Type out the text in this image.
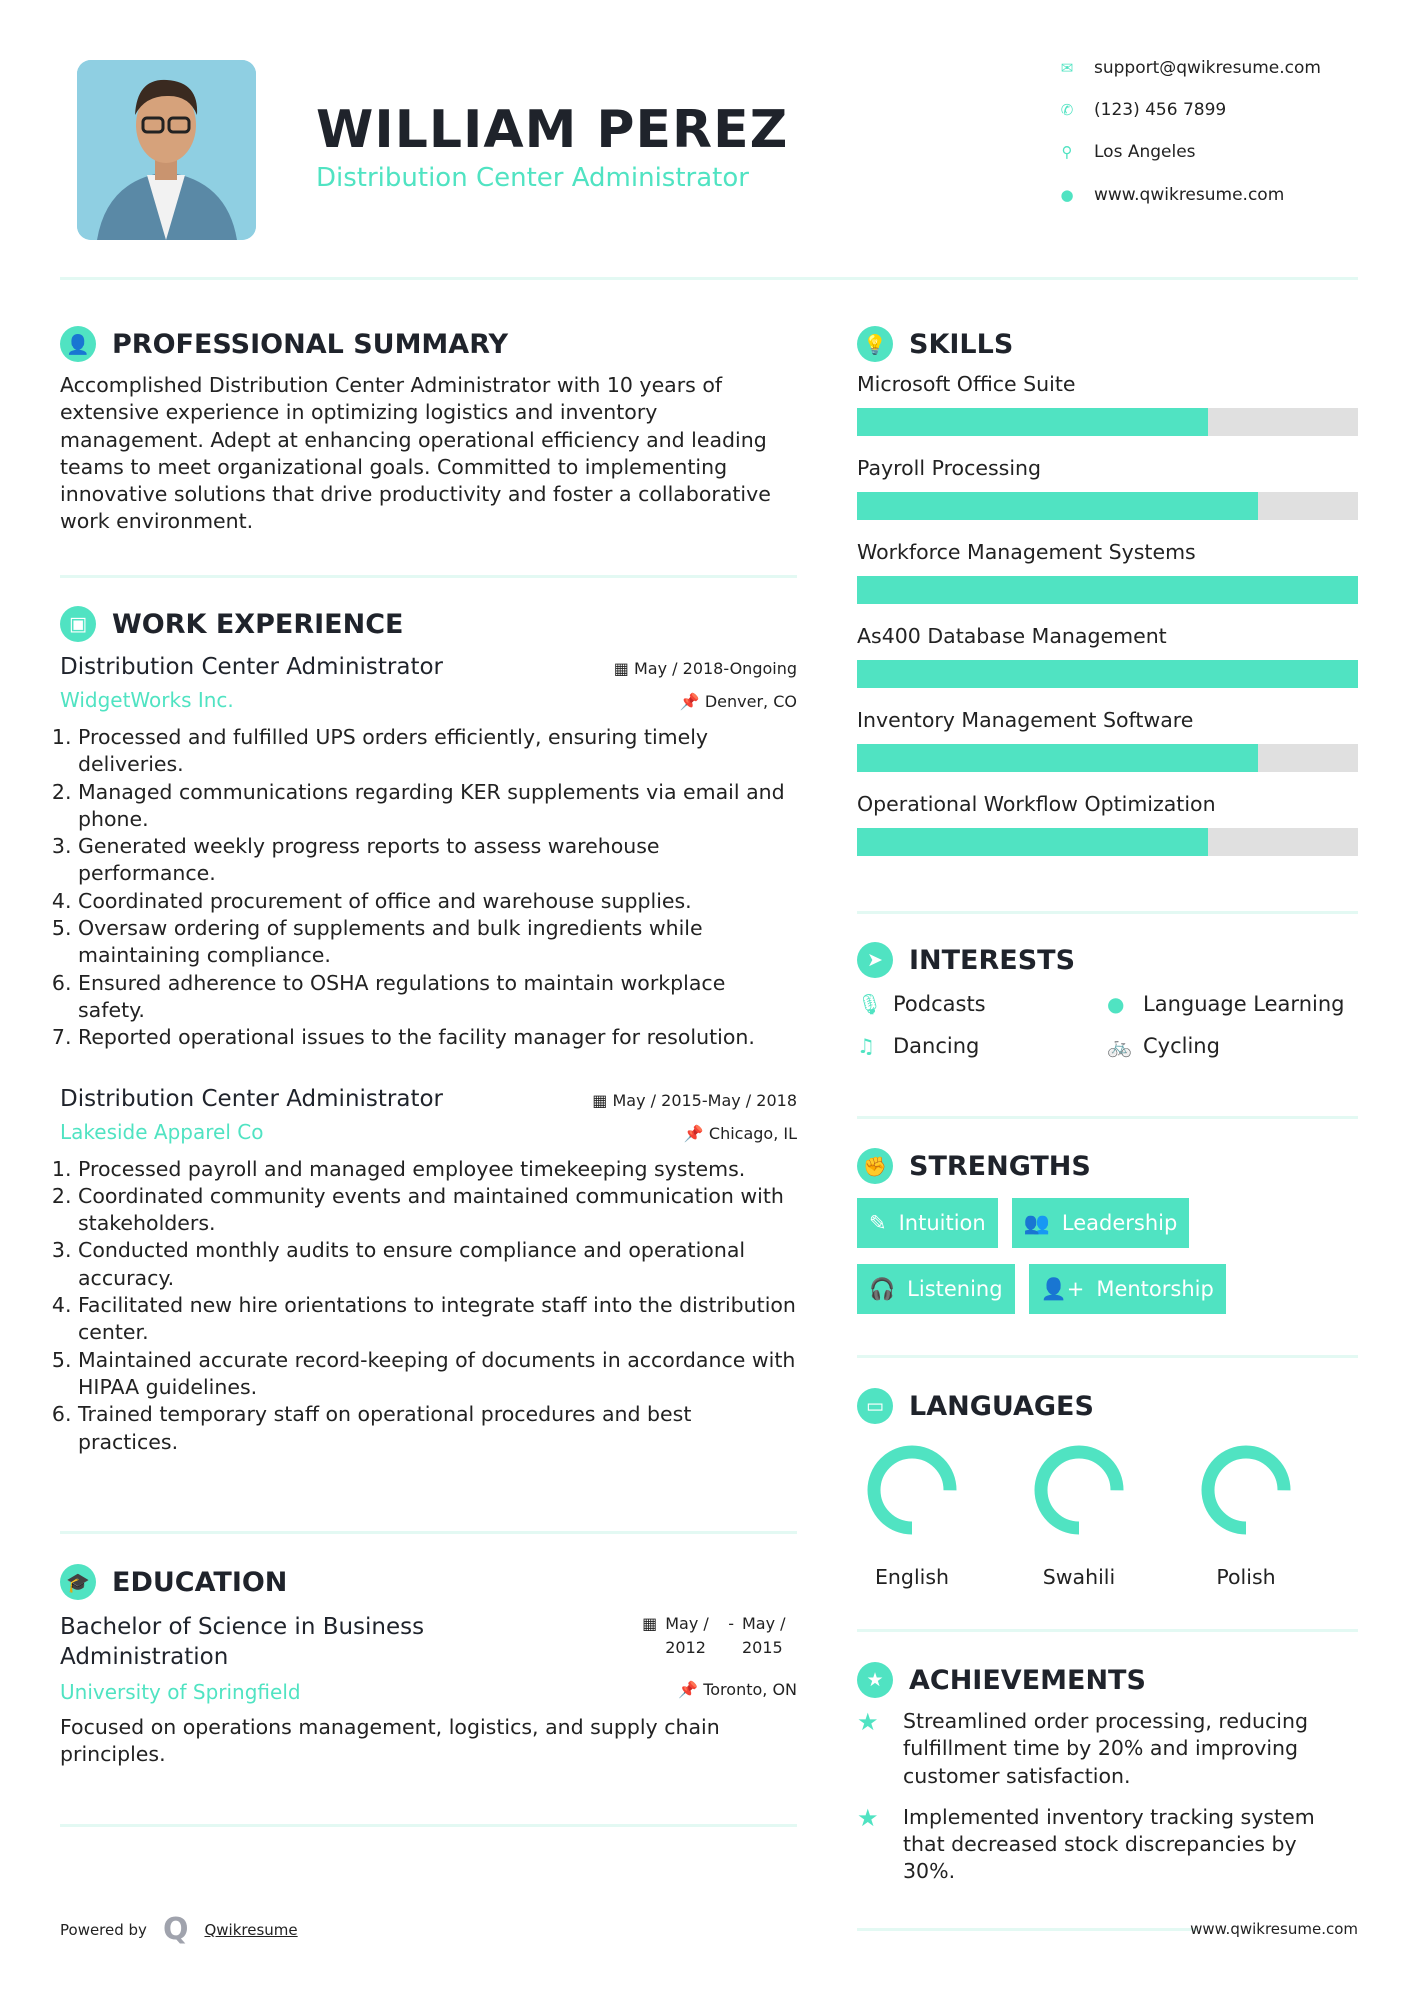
WILLIAM PEREZ
Distribution Center Administrator
✉ support@qwikresume.com
✆ (123) 456 7899
⚲ Los Angeles
● www.qwikresume.com
👤 PROFESSIONAL SUMMARY

Accomplished Distribution Center Administrator with 10 years of extensive experience in optimizing logistics and inventory management. Adept at enhancing operational efficiency and leading teams to meet organizational goals. Committed to implementing innovative solutions that drive productivity and foster a collaborative work environment.

▣ WORK EXPERIENCE
Distribution Center Administrator	▦ May / 2018-Ongoing
WidgetWorks Inc.	📌 Denver, CO
1. Processed and fulfilled UPS orders efficiently, ensuring timely deliveries.
2. Managed communications regarding KER supplements via email and phone.
3. Generated weekly progress reports to assess warehouse performance.
4. Coordinated procurement of office and warehouse supplies.
5. Oversaw ordering of supplements and bulk ingredients while maintaining compliance.
6. Ensured adherence to OSHA regulations to maintain workplace safety.
7. Reported operational issues to the facility manager for resolution.
Distribution Center Administrator	▦ May / 2015-May / 2018
Lakeside Apparel Co	📌 Chicago, IL
1. Processed payroll and managed employee timekeeping systems.
2. Coordinated community events and maintained communication with stakeholders.
3. Conducted monthly audits to ensure compliance and operational accuracy.
4. Facilitated new hire orientations to integrate staff into the distribution center.
5. Maintained accurate record-keeping of documents in accordance with HIPAA guidelines.
6. Trained temporary staff on operational procedures and best practices.
🎓 EDUCATION
Bachelor of Science in Business Administration
▦ May / 2012
- May / 2015
University of Springfield	📌 Toronto, ON

Focused on operations management, logistics, and supply chain principles.

Powered by Q Qwikresume
💡 SKILLS
Microsoft Office Suite
Payroll Processing
Workforce Management Systems
As400 Database Management
Inventory Management Software
Operational Workflow Optimization
➤ INTERESTS
🎙 Podcasts	● Language Learning
♫ Dancing	🚲 Cycling
✊ STRENGTHS
✎ Intuition 👥 Leadership
🎧 Listening 👤+ Mentorship
▭ LANGUAGES
English	Swahili	Polish
★ ACHIEVEMENTS
★	Streamlined order processing, reducing fulfillment time by 20% and improving customer satisfaction.
★	Implemented inventory tracking system that decreased stock discrepancies by 30%.
www.qwikresume.com
